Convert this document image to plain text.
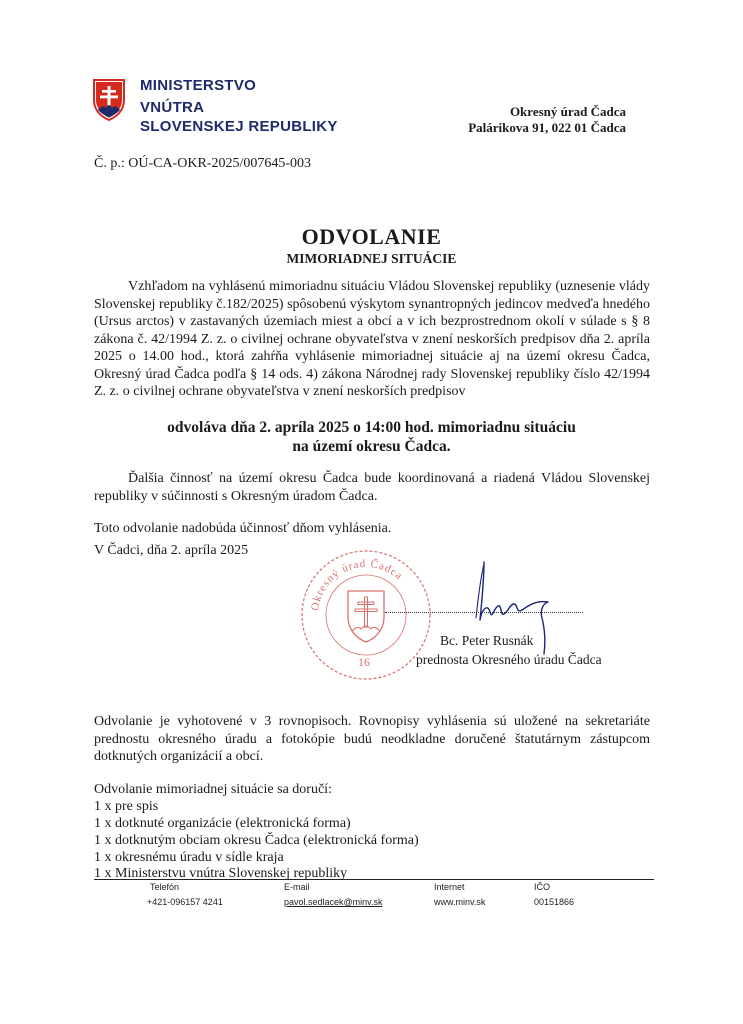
MINISTERSTVO
VNÚTRA
SLOVENSKEJ REPUBLIKY
Okresný úrad Čadca
Palárikova 91, 022 01 Čadca
Č. p.: OÚ-CA-OKR-2025/007645-003
ODVOLANIE
MIMORIADNEJ SITUÁCIE
Vzhľadom na vyhlásenú mimoriadnu situáciu Vládou Slovenskej republiky (uznesenie vlády Slovenskej republiky č.182/2025) spôsobenú výskytom synantropných jedincov medveďa hnedého (Ursus arctos) v zastavaných územiach miest a obcí a v ich bezprostrednom okolí v súlade s § 8 zákona č. 42/1994 Z. z. o civilnej ochrane obyvateľstva v znení neskorších predpisov dňa 2. apríla 2025 o 14.00 hod., ktorá zahŕňa vyhlásenie mimoriadnej situácie aj na území okresu Čadca, Okresný úrad Čadca podľa § 14 ods. 4) zákona Národnej rady Slovenskej republiky číslo 42/1994 Z. z. o civilnej ochrane obyvateľstva v znení neskorších predpisov
odvoláva dňa 2. apríla 2025 o 14:00 hod. mimoriadnu situáciu
na území okresu Čadca.
Ďalšia činnosť na území okresu Čadca bude koordinovaná a riadená Vládou Slovenskej republiky v súčinnosti s Okresným úradom Čadca.
Toto odvolanie nadobúda účinnosť dňom vyhlásenia.
V Čadci, dňa 2. apríla 2025
Okresný úrad Čadca
16
Bc. Peter Rusnák
prednosta Okresného úradu Čadca
Odvolanie je vyhotovené v 3 rovnopisoch. Rovnopisy vyhlásenia sú uložené na sekretariáte prednostu okresného úradu a fotokópie budú neodkladne doručené štatutárnym zástupcom dotknutých organizácií a obcí.
Odvolanie mimoriadnej situácie sa doručí:
1 x pre spis
1 x dotknuté organizácie (elektronická forma)
1 x dotknutým obciam okresu Čadca (elektronická forma)
1 x okresnému úradu v sídle kraja
1 x Ministerstvu vnútra Slovenskej republiky
Telefón
+421-096157 4241
E-mail
pavol.sedlacek@minv.sk
Internet
www.minv.sk
IČO
00151866
